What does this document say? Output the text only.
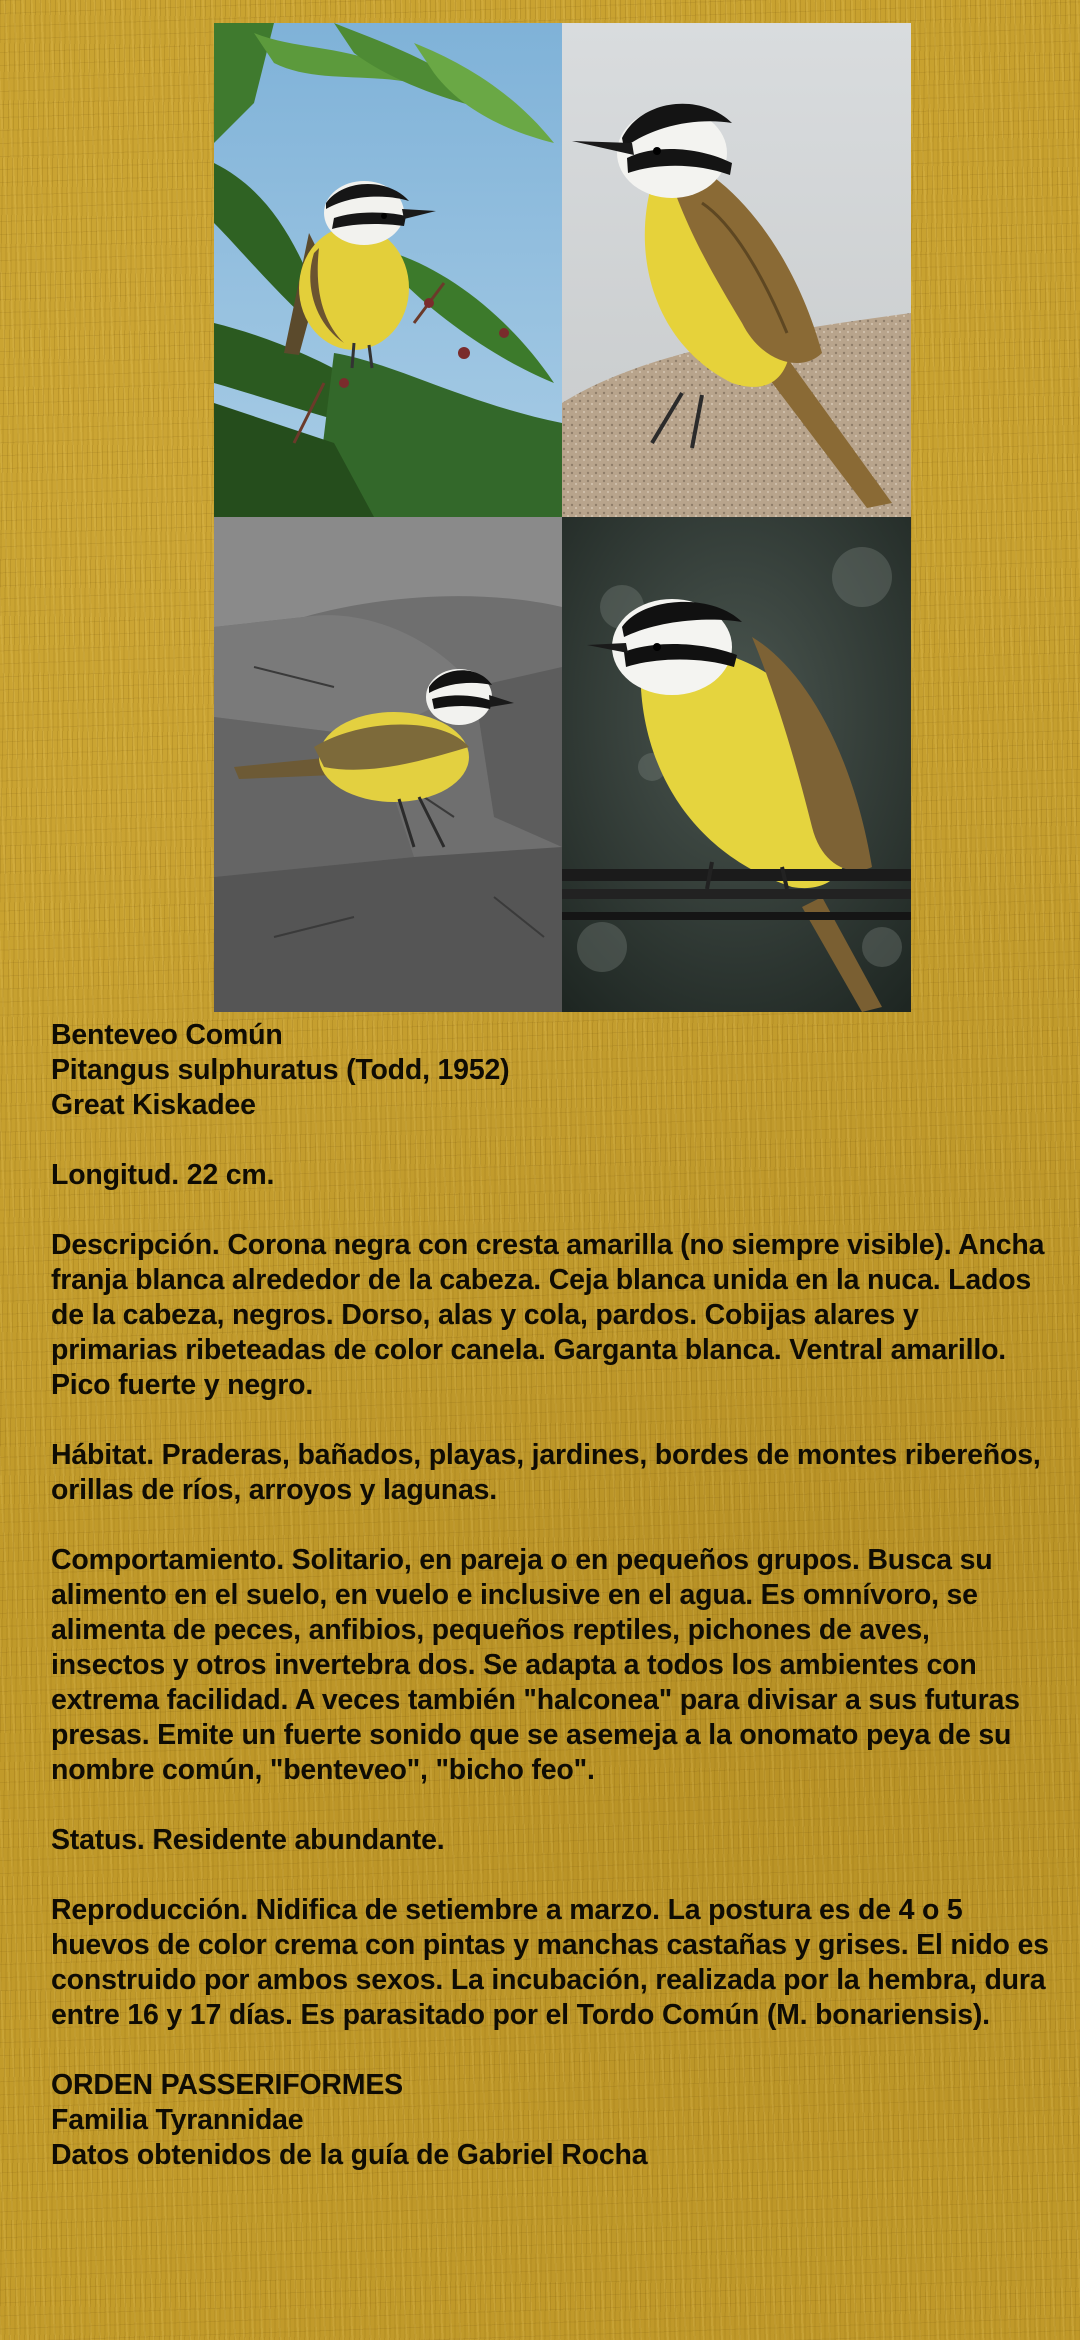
Benteveo Común
Pitangus sulphuratus (Todd, 1952)
Great Kiskadee

Longitud. 22 cm.

Descripción. Corona negra con cresta amarilla (no siempre visible). Ancha franja blanca alrededor de la cabeza. Ceja blanca unida en la nuca. Lados de la cabeza, negros. Dorso, alas y cola, pardos. Cobijas alares y primarias ribeteadas de color canela. Garganta blanca. Ventral amarillo. Pico fuerte y negro.

Hábitat. Praderas, bañados, playas, jardines, bordes de montes ribereños, orillas de ríos, arroyos y lagunas.

Comportamiento. Solitario, en pareja o en pequeños grupos. Busca su alimento en el suelo, en vuelo e inclusive en el agua. Es omnívoro, se alimenta de peces, anfibios, pequeños reptiles, pichones de aves, insectos y otros invertebra dos. Se adapta a todos los ambientes con extrema facilidad. A veces también "halconea" para divisar a sus futuras presas. Emite un fuerte sonido que se asemeja a la onomato peya de su nombre común, "benteveo", "bicho feo".

Status. Residente abundante.

Reproducción. Nidifica de setiembre a marzo. La postura es de 4 o 5 huevos de color crema con pintas y manchas castañas y grises. El nido es construido por ambos sexos. La incubación, realizada por la hembra, dura entre 16 y 17 días. Es parasitado por el Tordo Común (M. bonariensis).

ORDEN PASSERIFORMES
Familia Tyrannidae
Datos obtenidos de la guía de Gabriel Rocha
